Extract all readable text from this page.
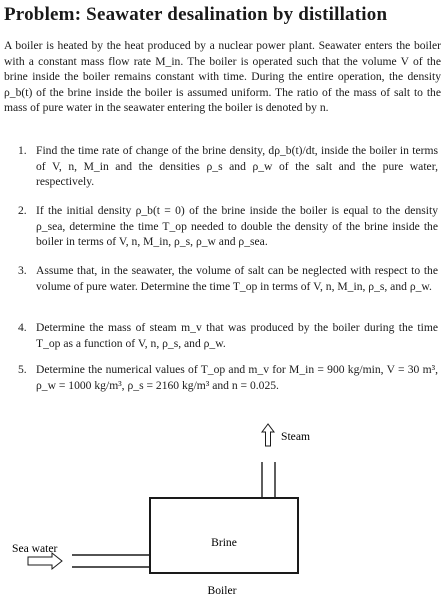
Problem: Seawater desalination by distillation
A boiler is heated by the heat produced by a nuclear power plant. Seawater enters the boiler with a constant mass flow rate M_in. The boiler is operated such that the volume V of the brine inside the boiler remains constant with time. During the entire operation, the density ρ_b(t) of the brine inside the boiler is assumed uniform. The ratio of the mass of salt to the mass of pure water in the seawater entering the boiler is denoted by n.
1. Find the time rate of change of the brine density, dρ_b(t)/dt, inside the boiler in terms of V, n, M_in and the densities ρ_s and ρ_w of the salt and the pure water, respectively.
2. If the initial density ρ_b(t = 0) of the brine inside the boiler is equal to the density ρ_sea, determine the time T_op needed to double the density of the brine inside the boiler in terms of V, n, M_in, ρ_s, ρ_w and ρ_sea.
3. Assume that, in the seawater, the volume of salt can be neglected with respect to the volume of pure water. Determine the time T_op in terms of V, n, M_in, ρ_s, and ρ_w.
4. Determine the mass of steam m_v that was produced by the boiler during the time T_op as a function of V, n, ρ_s, and ρ_w.
5. Determine the numerical values of T_op and m_v for M_in = 900 kg/min, V = 30 m³, ρ_w = 1000 kg/m³, ρ_s = 2160 kg/m³ and n = 0.025.
Steam
Brine
Sea water
Boiler
